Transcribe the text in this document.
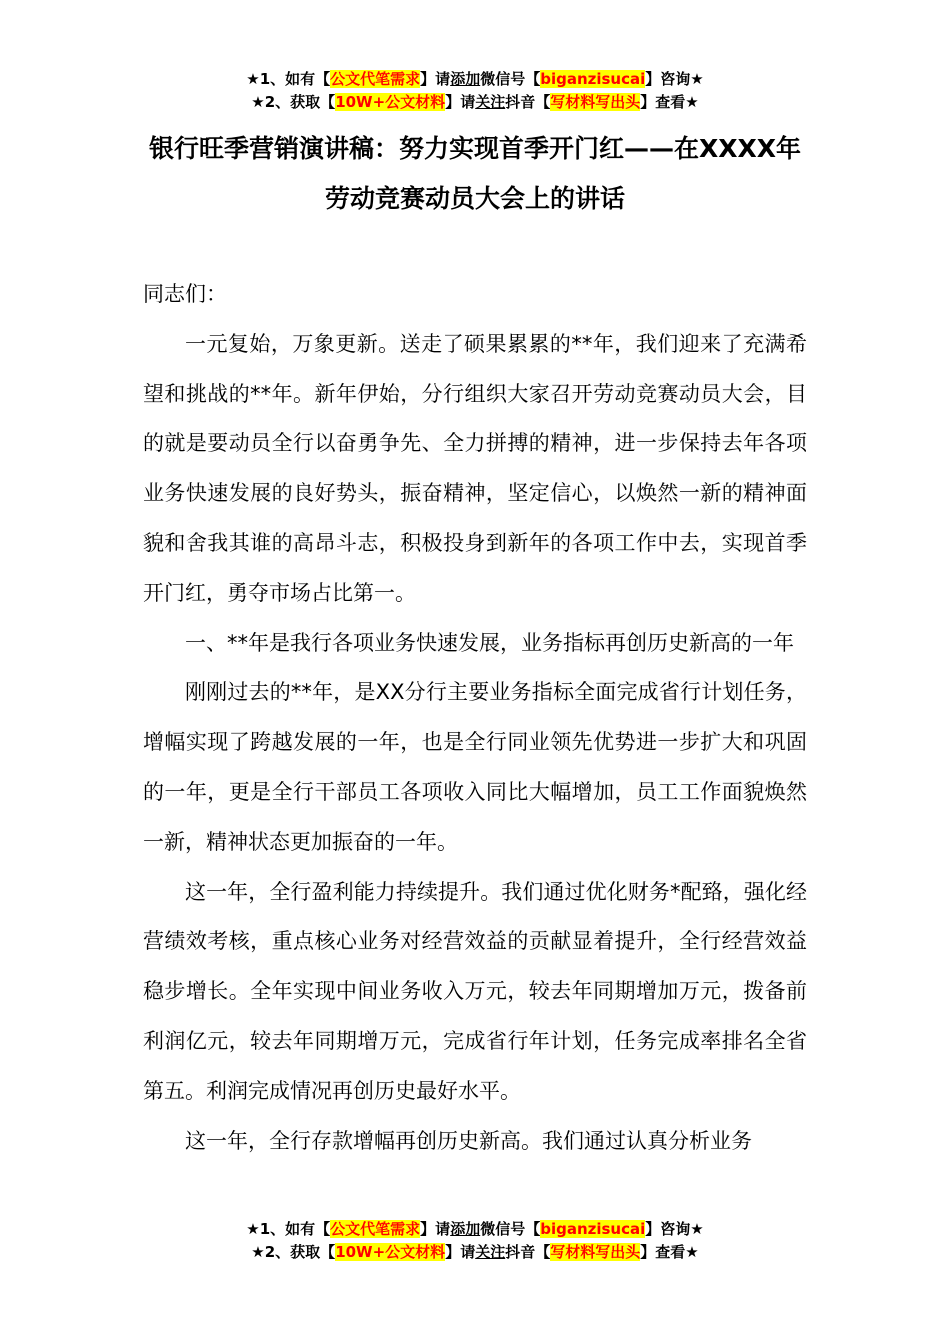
★1、如有【公文代笔需求】请添加微信号【biganzisucai】咨询★
★2、获取【10W+公文材料】请关注抖音【写材料写出头】查看★
银行旺季营销演讲稿：努力实现首季开门红——在XXXX年劳动竞赛动员大会上的讲话

同志们：

一元复始，万象更新。送走了硕果累累的**年，我们迎来了充满希望和挑战的**年。新年伊始，分行组织大家召开劳动竞赛动员大会，目的就是要动员全行以奋勇争先、全力拼搏的精神，进一步保持去年各项业务快速发展的良好势头，振奋精神，坚定信心，以焕然一新的精神面貌和舍我其谁的高昂斗志，积极投身到新年的各项工作中去，实现首季开门红，勇夺市场占比第一。

一、**年是我行各项业务快速发展，业务指标再创历史新高的一年

刚刚过去的**年，是XX分行主要业务指标全面完成省行计划任务，增幅实现了跨越发展的一年，也是全行同业领先优势进一步扩大和巩固的一年，更是全行干部员工各项收入同比大幅增加，员工工作面貌焕然一新，精神状态更加振奋的一年。

这一年，全行盈利能力持续提升。我们通过优化财务*配臵，强化经营绩效考核，重点核心业务对经营效益的贡献显着提升，全行经营效益稳步增长。全年实现中间业务收入万元，较去年同期增加万元，拨备前利润亿元，较去年同期增万元，完成省行年计划，任务完成率排名全省第五。利润完成情况再创历史最好水平。

这一年，全行存款增幅再创历史新高。我们通过认真分析业务

★1、如有【公文代笔需求】请添加微信号【biganzisucai】咨询★
★2、获取【10W+公文材料】请关注抖音【写材料写出头】查看★
